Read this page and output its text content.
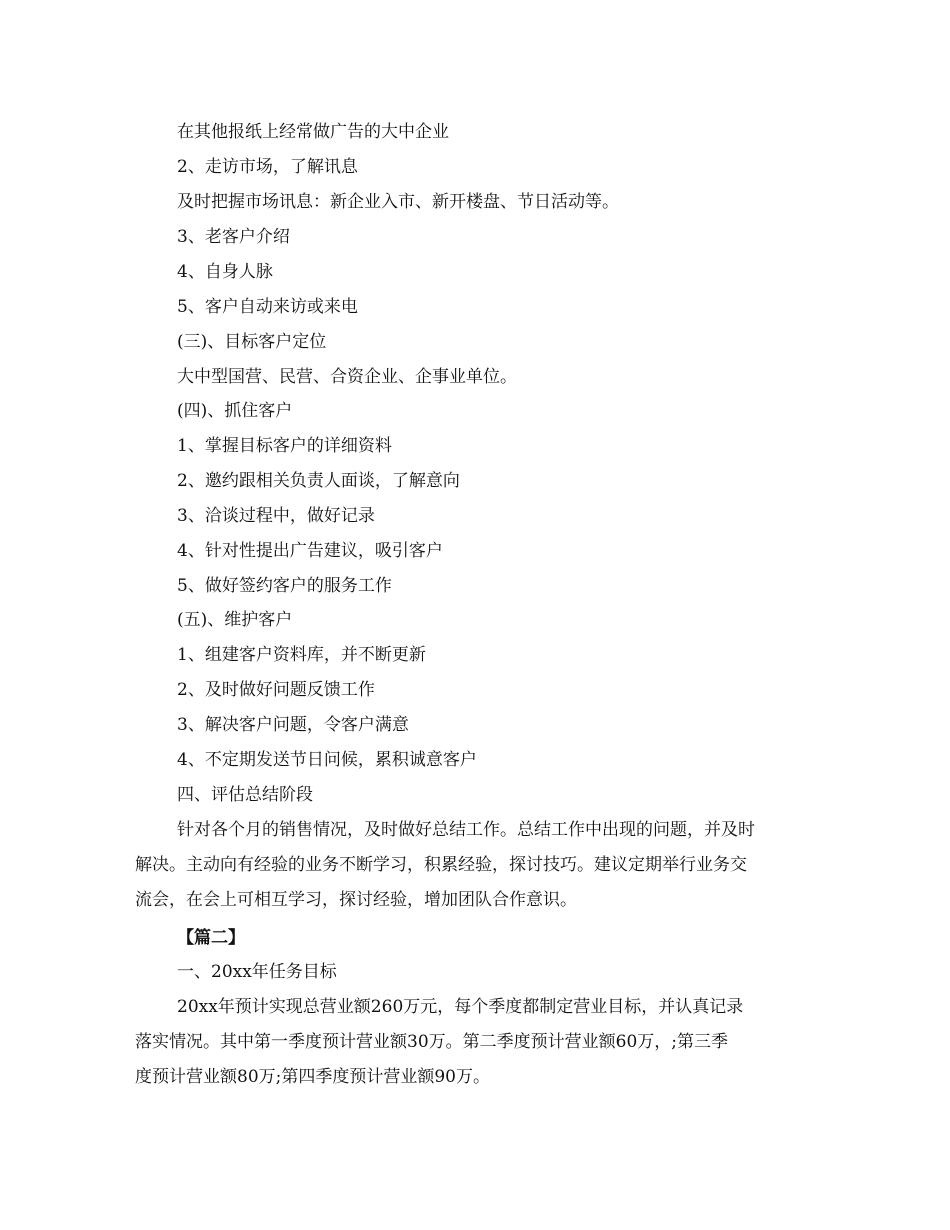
在其他报纸上经常做广告的大中企业
2、走访市场，了解讯息
及时把握市场讯息：新企业入市、新开楼盘、节日活动等。
3、老客户介绍
4、自身人脉
5、客户自动来访或来电
(三)、目标客户定位
大中型国营、民营、合资企业、企事业单位。
(四)、抓住客户
1、掌握目标客户的详细资料
2、邀约跟相关负责人面谈，了解意向
3、洽谈过程中，做好记录
4、针对性提出广告建议，吸引客户
5、做好签约客户的服务工作
(五)、维护客户
1、组建客户资料库，并不断更新
2、及时做好问题反馈工作
3、解决客户问题，令客户满意
4、不定期发送节日问候，累积诚意客户
四、评估总结阶段
针对各个月的销售情况，及时做好总结工作。总结工作中出现的问题，并及时
解决。主动向有经验的业务不断学习，积累经验，探讨技巧。建议定期举行业务交
流会，在会上可相互学习，探讨经验，增加团队合作意识。
【篇二】
一、20xx年任务目标
20xx年预计实现总营业额260万元，每个季度都制定营业目标，并认真记录
落实情况。其中第一季度预计营业额30万。第二季度预计营业额60万，;第三季
度预计营业额80万;第四季度预计营业额90万。
